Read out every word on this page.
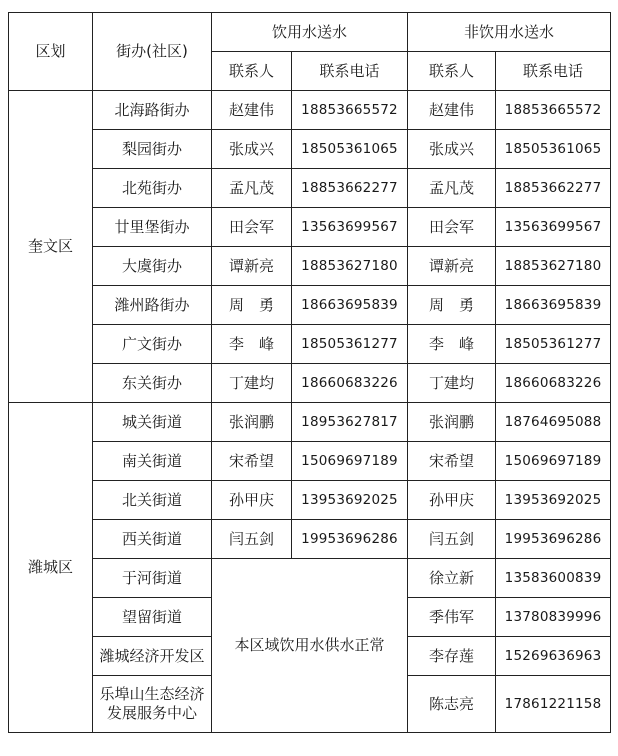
区划	街办(社区)	饮用水送水		非饮用水送水	
		联系人	联系电话	联系人	联系电话
奎文区	北海路街办	赵建伟	18853665572	赵建伟	18853665572
	梨园街办	张成兴	18505361065	张成兴	18505361065
	北苑街办	孟凡茂	18853662277	孟凡茂	18853662277
	廿里堡街办	田会军	13563699567	田会军	13563699567
	大虞街办	谭新亮	18853627180	谭新亮	18853627180
	潍州路街办	周　勇	18663695839	周　勇	18663695839
	广文街办	李　峰	18505361277	李　峰	18505361277
	东关街办	丁建均	18660683226	丁建均	18660683226
潍城区	城关街道	张润鹏	18953627817	张润鹏	18764695088
	南关街道	宋希望	15069697189	宋希望	15069697189
	北关街道	孙甲庆	13953692025	孙甲庆	13953692025
	西关街道	闫五剑	19953696286	闫五剑	19953696286
	于河街道	本区域饮用水供水正常		徐立新	13583600839
	望留街道			季伟军	13780839996
	潍城经济开发区			李存莲	15269636963
	乐埠山生态经济发展服务中心			陈志亮	17861221158
